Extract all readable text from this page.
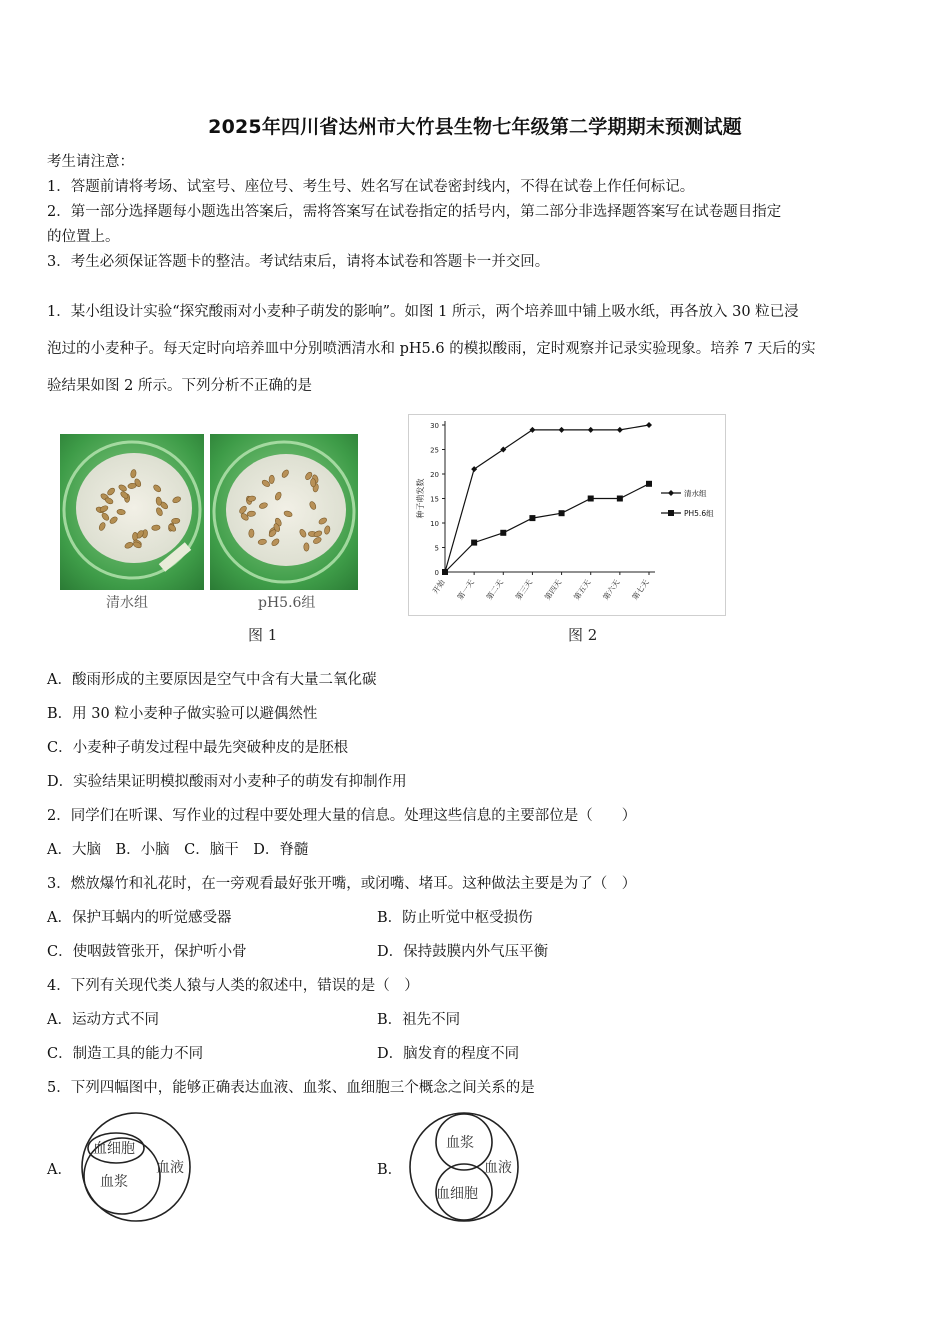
2025年四川省达州市大竹县生物七年级第二学期期末预测试题
考生请注意：
1．答题前请将考场、试室号、座位号、考生号、姓名写在试卷密封线内，不得在试卷上作任何标记。
2．第一部分选择题每小题选出答案后，需将答案写在试卷指定的括号内，第二部分非选择题答案写在试卷题目指定
的位置上。
3．考生必须保证答题卡的整洁。考试结束后，请将本试卷和答题卡一并交回。
1．某小组设计实验“探究酸雨对小麦种子萌发的影响”。如图 1 所示，两个培养皿中铺上吸水纸，再各放入 30 粒已浸
泡过的小麦种子。每天定时向培养皿中分别喷洒清水和 pH5.6 的模拟酸雨，定时观察并记录实验现象。培养 7 天后的实
验结果如图 2 所示。下列分析不正确的是
清水组	pH5.6组
图 1
0
5
10
15
20
25
30
开始 第一天 第二天 第三天 第四天 第五天 第六天 第七天
种子萌发数	清水组
PH5.6组
图 2
A．酸雨形成的主要原因是空气中含有大量二氧化碳
B．用 30 粒小麦种子做实验可以避偶然性
C．小麦种子萌发过程中最先突破种皮的是胚根
D．实验结果证明模拟酸雨对小麦种子的萌发有抑制作用
2．同学们在听课、写作业的过程中要处理大量的信息。处理这些信息的主要部位是（　　）
A．大脑　B．小脑　C．脑干　D．脊髓
3．燃放爆竹和礼花时，在一旁观看最好张开嘴，或闭嘴、堵耳。这种做法主要是为了（　）
A．保护耳蜗内的听觉感受器	B．防止听觉中枢受损伤
C．使咽鼓管张开，保护听小骨	D．保持鼓膜内外气压平衡
4．下列有关现代类人猿与人类的叙述中，错误的是（　）
A．运动方式不同	B．祖先不同
C．制造工具的能力不同	D．脑发育的程度不同
5．下列四幅图中，能够正确表达血液、血浆、血细胞三个概念之间关系的是
A．
血细胞
血浆
血液	B．
血浆
血细胞
血液
